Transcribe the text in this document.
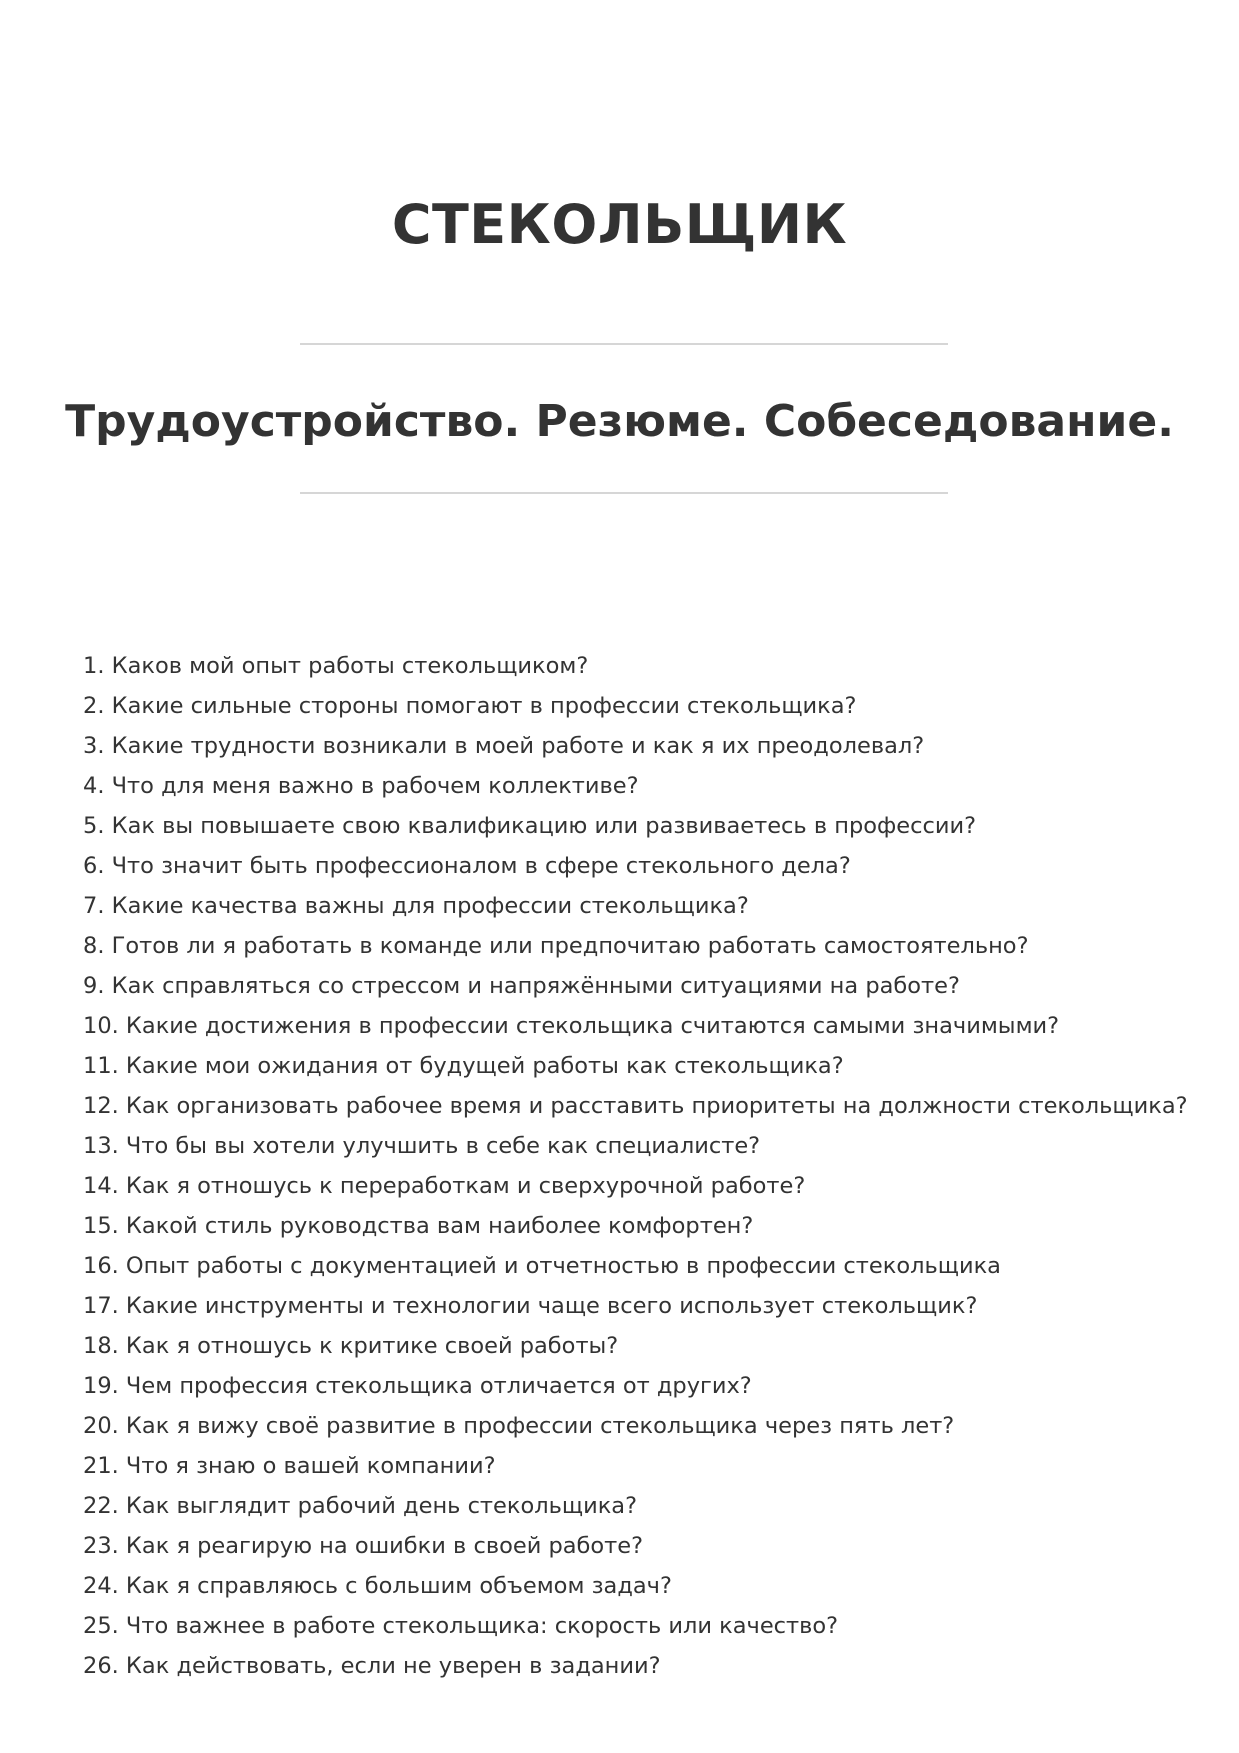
СТЕКОЛЬЩИК
Трудоустройство. Резюме. Собеседование.
1. Каков мой опыт работы стекольщиком?
2. Какие сильные стороны помогают в профессии стекольщика?
3. Какие трудности возникали в моей работе и как я их преодолевал?
4. Что для меня важно в рабочем коллективе?
5. Как вы повышаете свою квалификацию или развиваетесь в профессии?
6. Что значит быть профессионалом в сфере стекольного дела?
7. Какие качества важны для профессии стекольщика?
8. Готов ли я работать в команде или предпочитаю работать самостоятельно?
9. Как справляться со стрессом и напряжёнными ситуациями на работе?
10. Какие достижения в профессии стекольщика считаются самыми значимыми?
11. Какие мои ожидания от будущей работы как стекольщика?
12. Как организовать рабочее время и расставить приоритеты на должности стекольщика?
13. Что бы вы хотели улучшить в себе как специалисте?
14. Как я отношусь к переработкам и сверхурочной работе?
15. Какой стиль руководства вам наиболее комфортен?
16. Опыт работы с документацией и отчетностью в профессии стекольщика
17. Какие инструменты и технологии чаще всего использует стекольщик?
18. Как я отношусь к критике своей работы?
19. Чем профессия стекольщика отличается от других?
20. Как я вижу своё развитие в профессии стекольщика через пять лет?
21. Что я знаю о вашей компании?
22. Как выглядит рабочий день стекольщика?
23. Как я реагирую на ошибки в своей работе?
24. Как я справляюсь с большим объемом задач?
25. Что важнее в работе стекольщика: скорость или качество?
26. Как действовать, если не уверен в задании?
